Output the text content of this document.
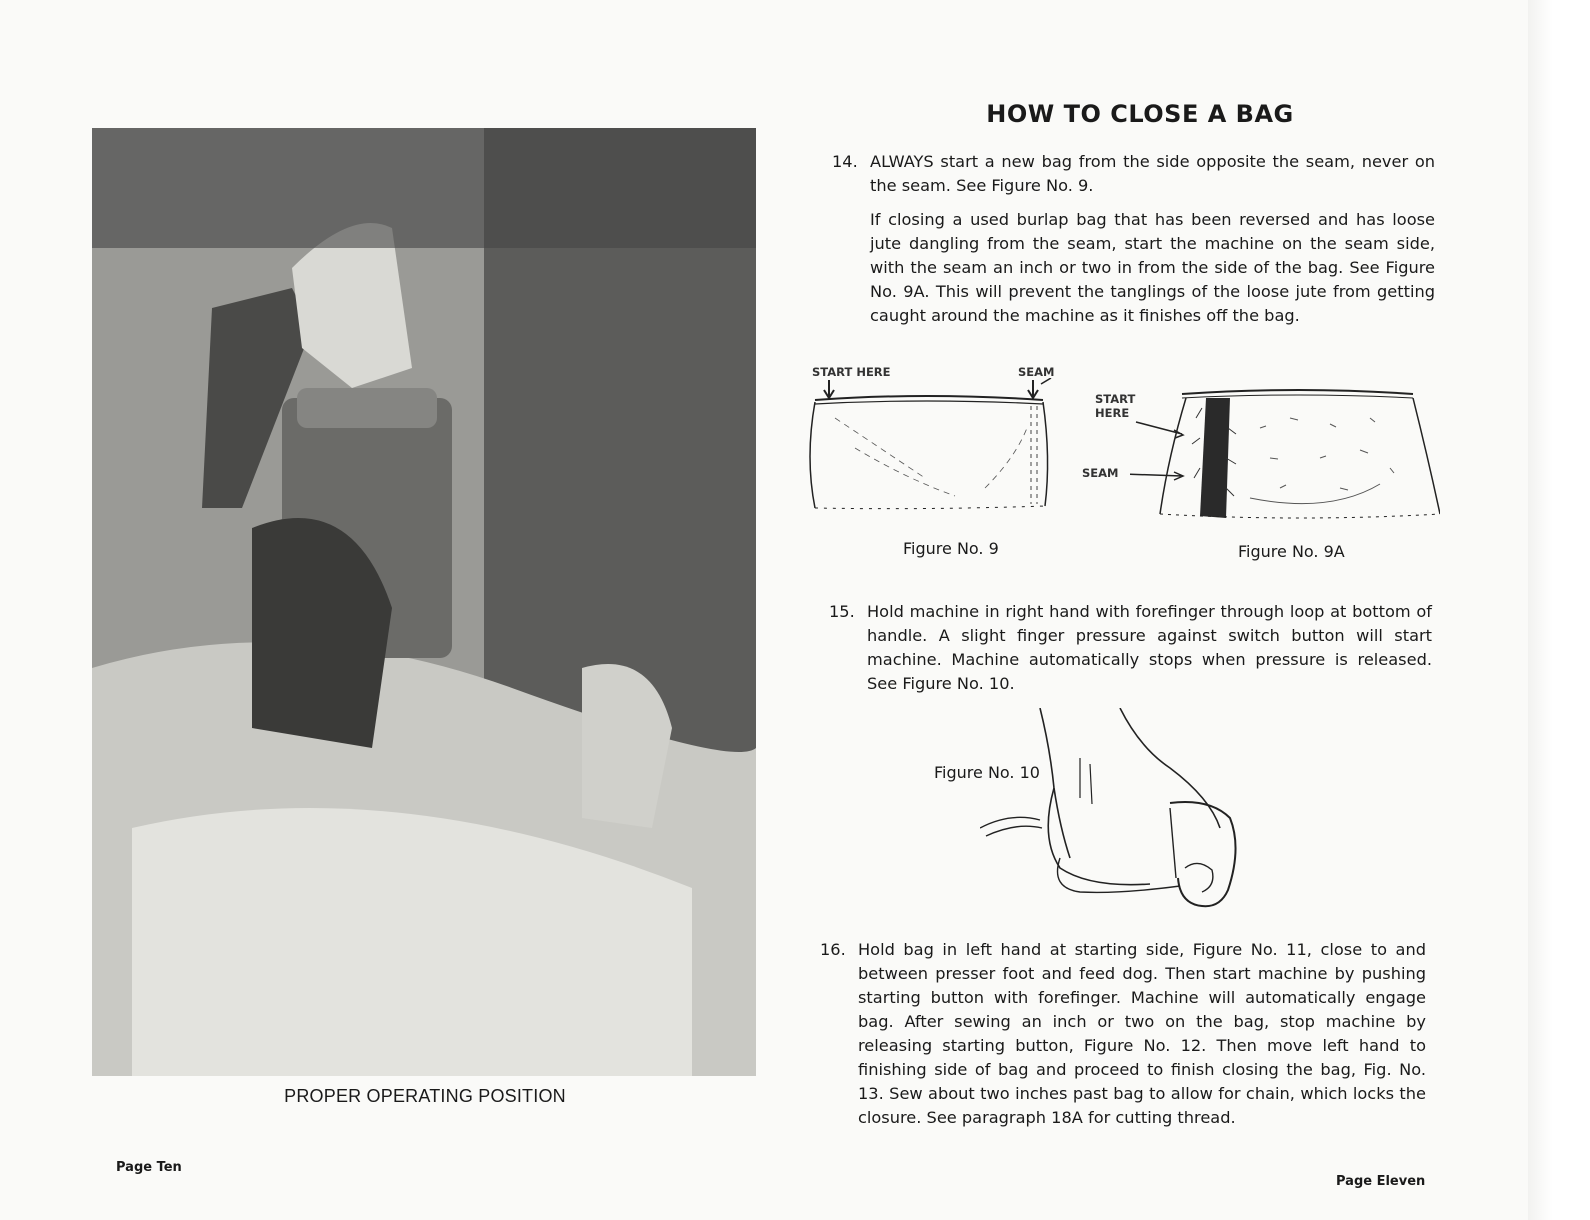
PROPER OPERATING POSITION
Page Ten
HOW TO CLOSE A BAG
14. ALWAYS start a new bag from the side opposite the seam, never on the seam. See Figure No. 9.
If closing a used burlap bag that has been reversed and has loose jute dangling from the seam, start the machine on the seam side, with the seam an inch or two in from the side of the bag. See Figure No. 9A. This will prevent the tanglings of the loose jute from getting caught around the machine as it finishes off the bag.
START HERE	SEAM
Figure No. 9
START
HERE
SEAM
Figure No. 9A
15. Hold machine in right hand with forefinger through loop at bottom of handle. A slight finger pressure against switch button will start machine. Machine automatically stops when pressure is released. See Figure No. 10.
Figure No. 10
16. Hold bag in left hand at starting side, Figure No. 11, close to and between presser foot and feed dog. Then start machine by pushing starting button with forefinger. Machine will automatically engage bag. After sewing an inch or two on the bag, stop machine by releasing starting button, Figure No. 12. Then move left hand to finishing side of bag and proceed to finish closing the bag, Fig. No. 13. Sew about two inches past bag to allow for chain, which locks the closure. See paragraph 18A for cutting thread.
Page Eleven
